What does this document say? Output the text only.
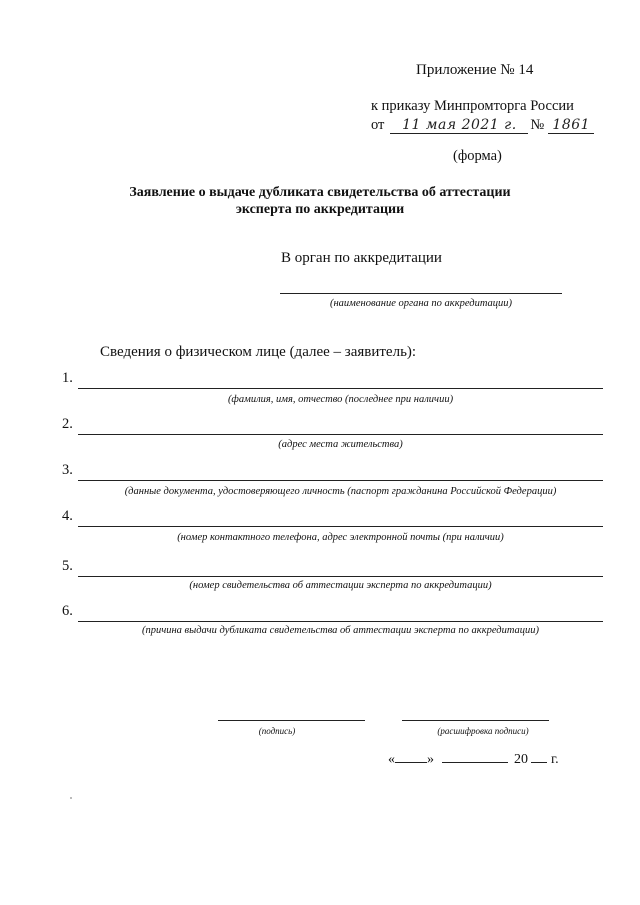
Приложение № 14
к приказу Минпромторга России
от	11 мая 2021 г. № 1861
(форма)
Заявление о выдаче дубликата свидетельства об аттестации
эксперта по аккредитации
В орган по аккредитации
(наименование органа по аккредитации)
Сведения о физическом лице (далее – заявитель):
1.
(фамилия, имя, отчество (последнее при наличии)
2.
(адрес места жительства)
3.
(данные документа, удостоверяющего личность (паспорт гражданина Российской Федерации)
4.
(номер контактного телефона, адрес электронной почты (при наличии)
5.
(номер свидетельства об аттестации эксперта по аккредитации)
6.
(причина выдачи дубликата свидетельства об аттестации эксперта по аккредитации)
(подпись)	(расшифровка подписи)
« »	20 г.
